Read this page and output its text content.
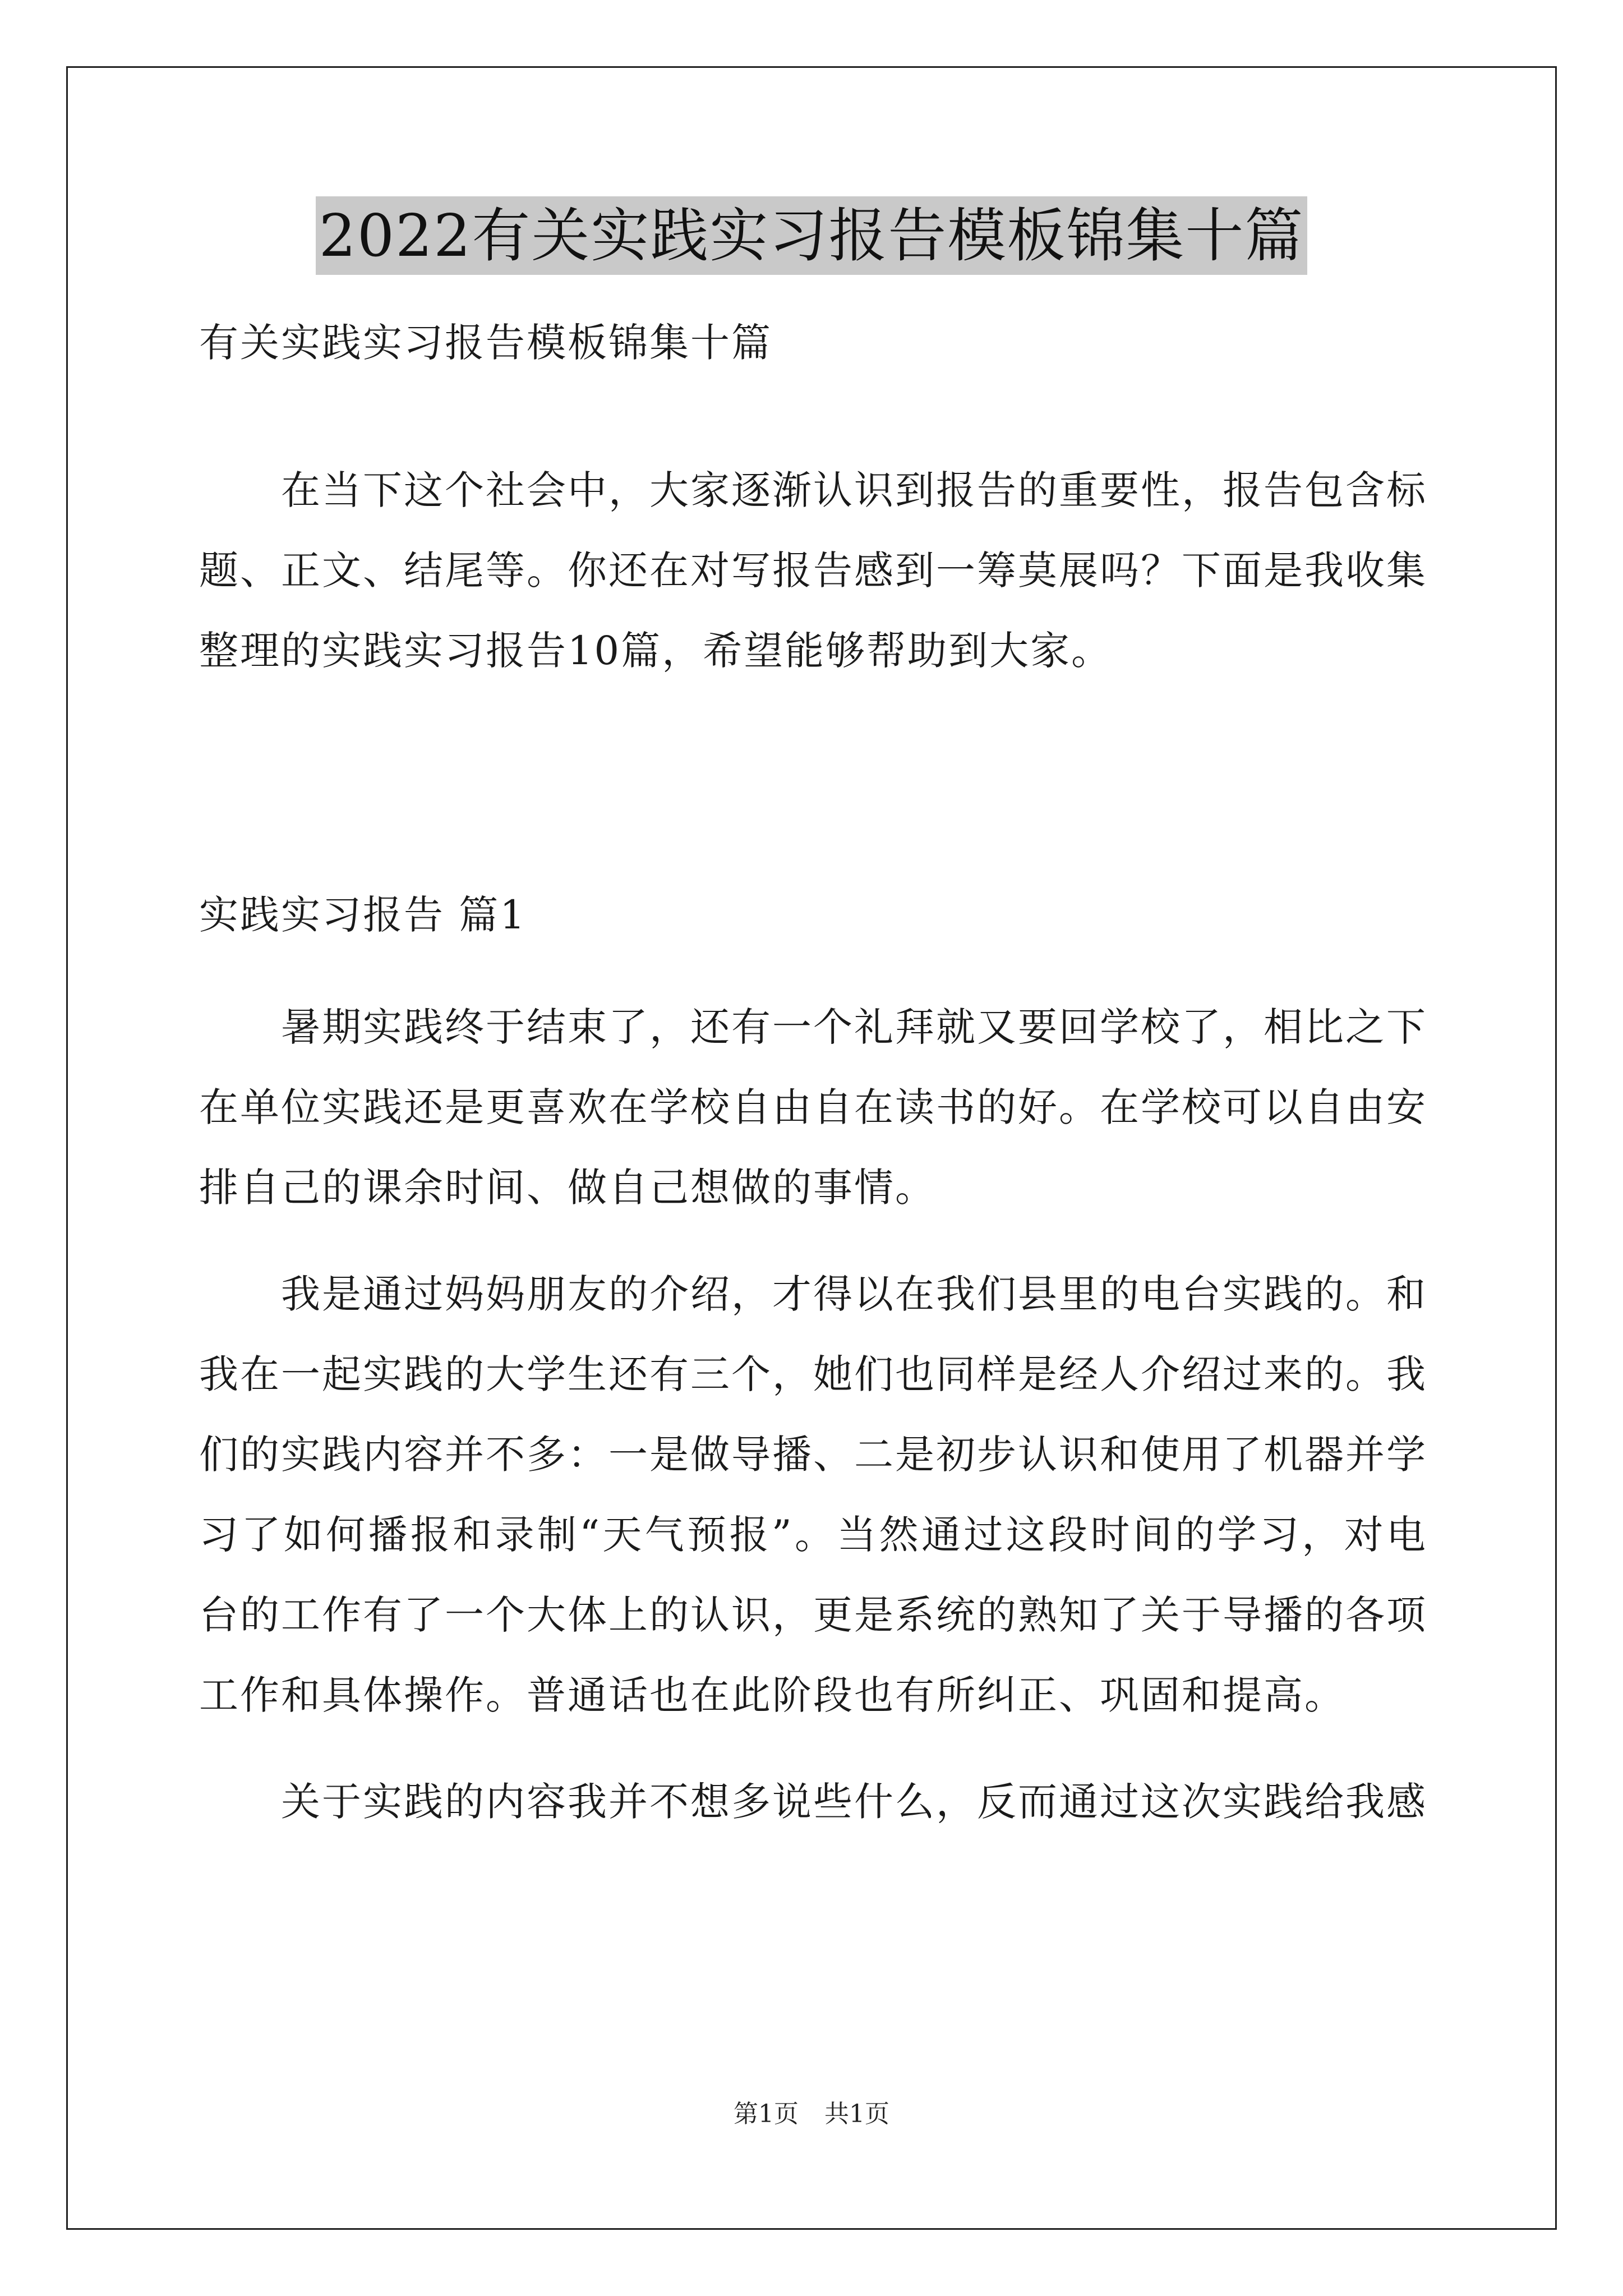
2022有关实践实习报告模板锦集十篇
有关实践实习报告模板锦集十篇

在当下这个社会中，大家逐渐认识到报告的重要性，报告包含标题、正文、结尾等。你还在对写报告感到一筹莫展吗？下面是我收集整理的实践实习报告10篇，希望能够帮助到大家。

实践实习报告 篇1

暑期实践终于结束了，还有一个礼拜就又要回学校了，相比之下在单位实践还是更喜欢在学校自由自在读书的好。在学校可以自由安排自己的课余时间、做自己想做的事情。

我是通过妈妈朋友的介绍，才得以在我们县里的电台实践的。和我在一起实践的大学生还有三个，她们也同样是经人介绍过来的。我们的实践内容并不多：一是做导播、二是初步认识和使用了机器并学习了如何播报和录制“天气预报”。当然通过这段时间的学习，对电台的工作有了一个大体上的认识，更是系统的熟知了关于导播的各项工作和具体操作。普通话也在此阶段也有所纠正、巩固和提高。

关于实践的内容我并不想多说些什么，反而通过这次实践给我感

第1页 共1页
